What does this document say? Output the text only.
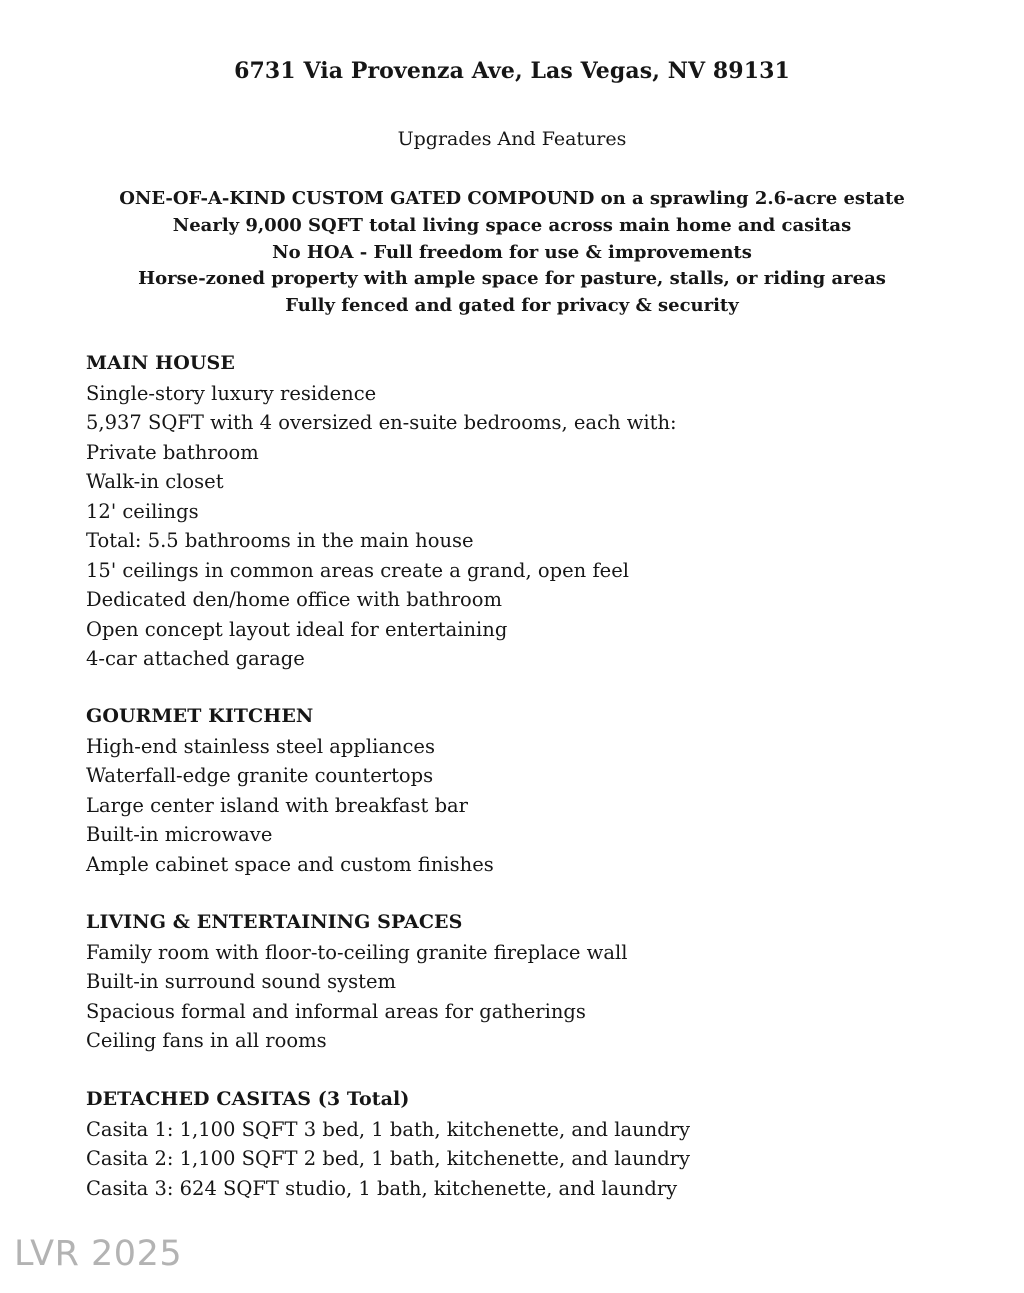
6731 Via Provenza Ave, Las Vegas, NV 89131
Upgrades And Features
ONE-OF-A-KIND CUSTOM GATED COMPOUND on a sprawling 2.6-acre estate
Nearly 9,000 SQFT total living space across main home and casitas
No HOA - Full freedom for use & improvements
Horse-zoned property with ample space for pasture, stalls, or riding areas
Fully fenced and gated for privacy & security
MAIN HOUSE
Single-story luxury residence
5,937 SQFT with 4 oversized en-suite bedrooms, each with:
Private bathroom
Walk-in closet
12' ceilings
Total: 5.5 bathrooms in the main house
15' ceilings in common areas create a grand, open feel
Dedicated den/home office with bathroom
Open concept layout ideal for entertaining
4-car attached garage
GOURMET KITCHEN
High-end stainless steel appliances
Waterfall-edge granite countertops
Large center island with breakfast bar
Built-in microwave
Ample cabinet space and custom finishes
LIVING & ENTERTAINING SPACES
Family room with floor-to-ceiling granite fireplace wall
Built-in surround sound system
Spacious formal and informal areas for gatherings
Ceiling fans in all rooms
DETACHED CASITAS (3 Total)
Casita 1: 1,100 SQFT 3 bed, 1 bath, kitchenette, and laundry
Casita 2: 1,100 SQFT 2 bed, 1 bath, kitchenette, and laundry
Casita 3: 624 SQFT studio, 1 bath, kitchenette, and laundry
LVR 2025
